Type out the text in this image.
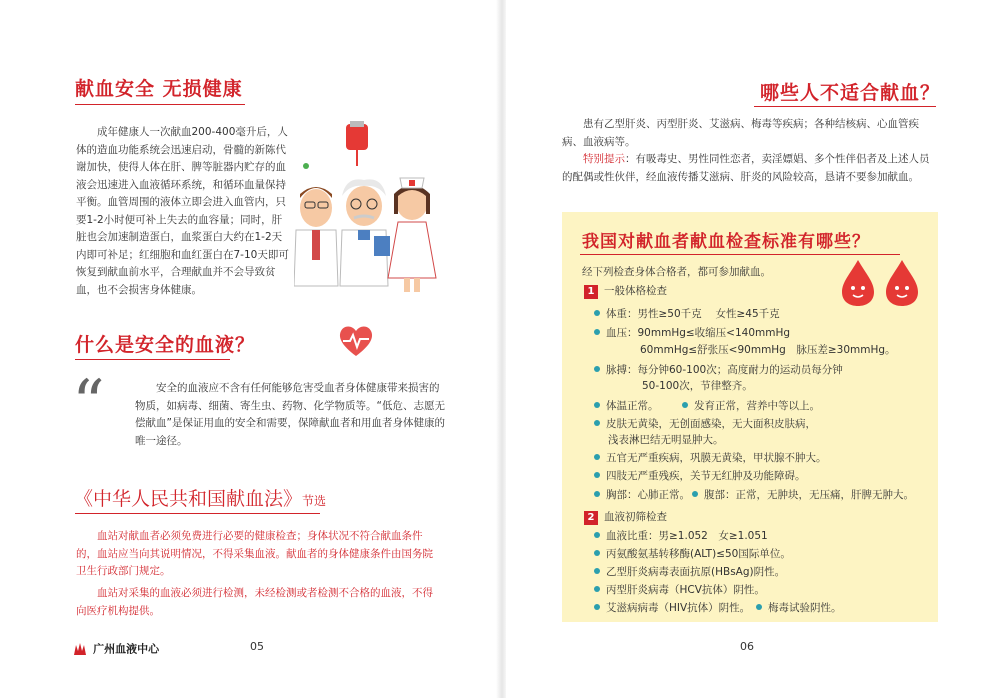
献血安全 无损健康

成年健康人一次献血200-400毫升后，人体的造血功能系统会迅速启动，骨髓的新陈代谢加快，使得人体在肝、脾等脏器内贮存的血液会迅速进入血液循环系统，和循环血量保持平衡。血管周围的液体立即会进入血管内，只要1-2小时便可补上失去的血容量；同时，肝脏也会加速制造蛋白，血浆蛋白大约在1-2天内即可补足；红细胞和血红蛋白在7-10天即可恢复到献血前水平，合理献血并不会导致贫血，也不会损害身体健康。

什么是安全的血液？
“	安全的血液应不含有任何能够危害受血者身体健康带来损害的物质，如病毒、细菌、寄生虫、药物、化学物质等。“低危、志愿无偿献血”是保证用血的安全和需要，保障献血者和用血者身体健康的唯一途径。

《中华人民共和国献血法》节选

血站对献血者必须免费进行必要的健康检查；身体状况不符合献血条件的，血站应当向其说明情况，不得采集血液。献血者的身体健康条件由国务院卫生行政部门规定。

血站对采集的血液必须进行检测，未经检测或者检测不合格的血液，不得向医疗机构提供。

广州血液中心	05
哪些人不适合献血？

患有乙型肝炎、丙型肝炎、艾滋病、梅毒等疾病；各种结核病、心血管疾病、血液病等。

特别提示：有吸毒史、男性同性恋者，卖淫嫖娼、多个性伴侣者及上述人员的配偶或性伙伴，经血液传播艾滋病、肝炎的风险较高，恳请不要参加献血。

我国对献血者献血检查标准有哪些？
经下列检查身体合格者，都可参加献血。
1 一般体格检查
体重：男性≥50千克　 女性≥45千克
血压：90mmHg≤收缩压<140mmHg
60mmHg≤舒张压<90mmHg　脉压差≥30mmHg。
脉搏：每分钟60-100次；高度耐力的运动员每分钟
50-100次，节律整齐。
体温正常。	发育正常，营养中等以上。
皮肤无黄染，无创面感染，无大面积皮肤病，
浅表淋巴结无明显肿大。
五官无严重疾病，巩膜无黄染，甲状腺不肿大。
四肢无严重残疾，关节无红肿及功能障碍。
胸部：心肺正常。	腹部：正常，无肿块，无压痛，肝脾无肿大。
2 血液初筛检查
血液比重：男≥1.052　女≥1.051
丙氨酸氨基转移酶(ALT)≤50国际单位。
乙型肝炎病毒表面抗原(HBsAg)阴性。
丙型肝炎病毒（HCV抗体）阴性。
艾滋病病毒（HIV抗体）阴性。	梅毒试验阴性。
06
